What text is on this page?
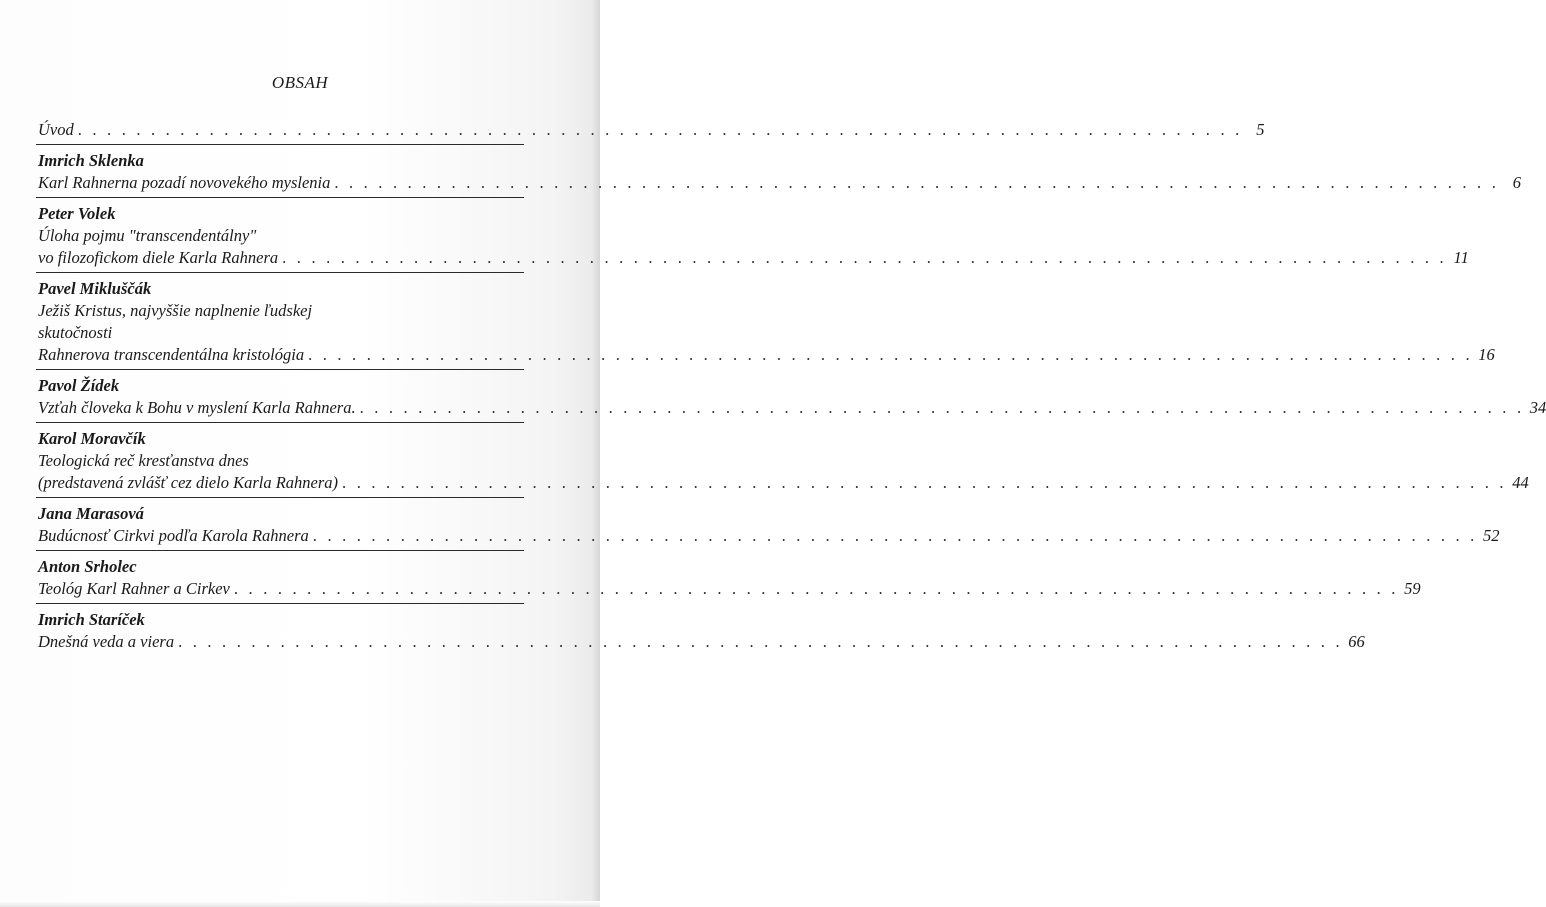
OBSAH
Úvod . . . . . . . . . . . . . . . . . . . . . . . . . . . . . . . . . . . . . . . . . . . . . . . . . . . . . . . . . . . . . . . . . . . . . . . . . . . . . . . . 5
Imrich Sklenka
Karl Rahnerna pozadí novovekého myslenia . . . . . . . . . . . . . . . . . . . . . . . . . . . . . . . . . . . . . . . . . . . . . . . . . . . . . . . . . . . . . . . . . . . . . . . . . . . . . . . . 6
Peter Volek
Úloha pojmu "transcendentálny"
vo filozofickom diele Karla Rahnera . . . . . . . . . . . . . . . . . . . . . . . . . . . . . . . . . . . . . . . . . . . . . . . . . . . . . . . . . . . . . . . . . . . . . . . . . . . . . . . . 11
Pavel Mikluščák
Ježiš Kristus, najvyššie naplnenie ľudskej
skutočnosti
Rahnerova transcendentálna kristológia . . . . . . . . . . . . . . . . . . . . . . . . . . . . . . . . . . . . . . . . . . . . . . . . . . . . . . . . . . . . . . . . . . . . . . . . . . . . . . . . 16
Pavol Žídek
Vzťah človeka k Bohu v myslení Karla Rahnera. . . . . . . . . . . . . . . . . . . . . . . . . . . . . . . . . . . . . . . . . . . . . . . . . . . . . . . . . . . . . . . . . . . . . . . . . . . . . . . . . 34
Karol Moravčík
Teologická reč kresťanstva dnes
(predstavená zvlášť cez dielo Karla Rahnera) . . . . . . . . . . . . . . . . . . . . . . . . . . . . . . . . . . . . . . . . . . . . . . . . . . . . . . . . . . . . . . . . . . . . . . . . . . . . . . . . 44
Jana Marasová
Budúcnosť Cirkvi podľa Karola Rahnera . . . . . . . . . . . . . . . . . . . . . . . . . . . . . . . . . . . . . . . . . . . . . . . . . . . . . . . . . . . . . . . . . . . . . . . . . . . . . . . . 52
Anton Srholec
Teológ Karl Rahner a Cirkev . . . . . . . . . . . . . . . . . . . . . . . . . . . . . . . . . . . . . . . . . . . . . . . . . . . . . . . . . . . . . . . . . . . . . . . . . . . . . . . . 59
Imrich Staríček
Dnešná veda a viera . . . . . . . . . . . . . . . . . . . . . . . . . . . . . . . . . . . . . . . . . . . . . . . . . . . . . . . . . . . . . . . . . . . . . . . . . . . . . . . . 66
